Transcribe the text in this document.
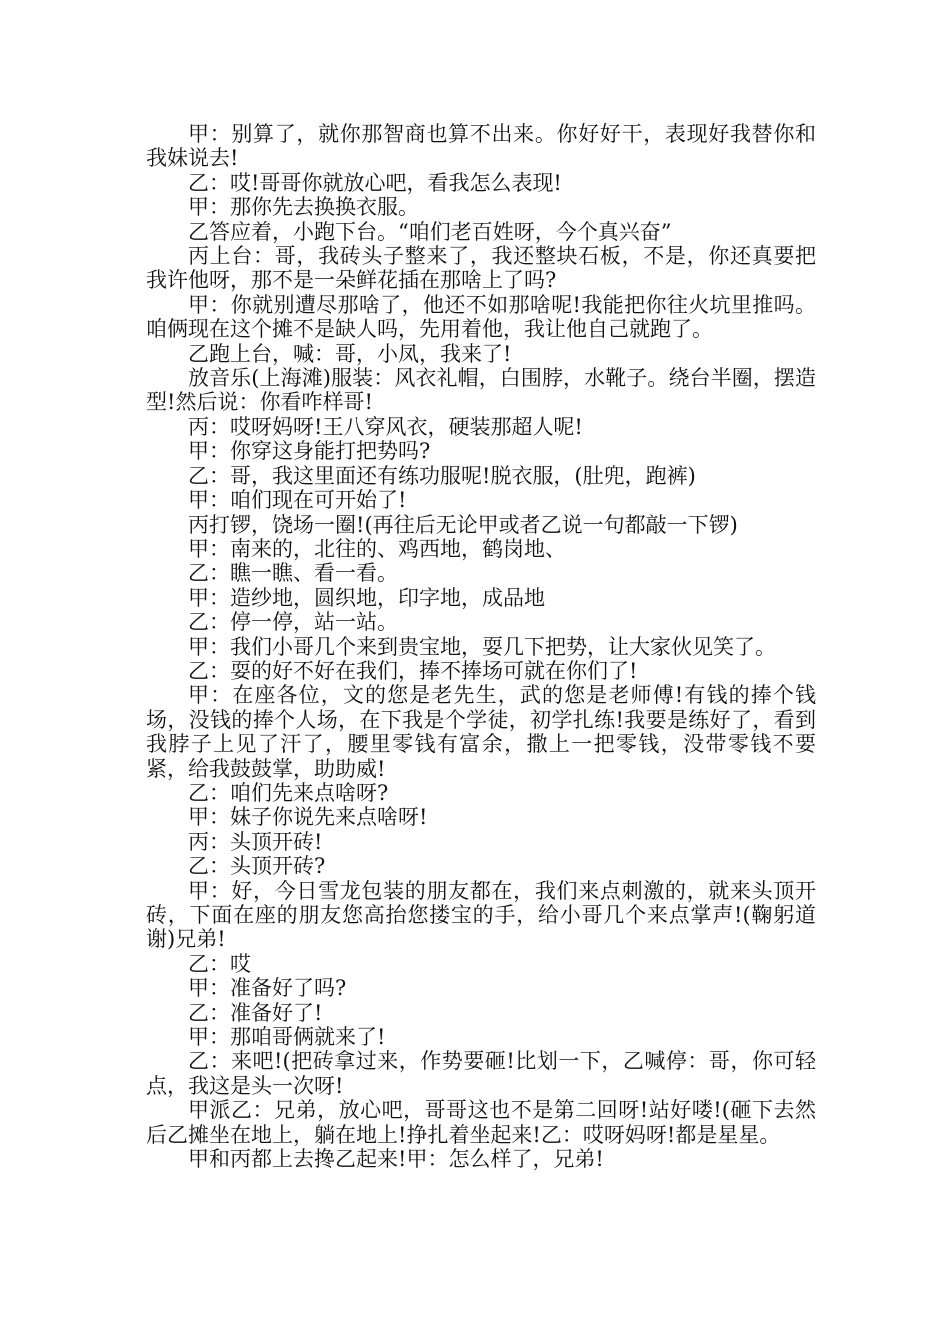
甲：别算了，就你那智商也算不出来。你好好干，表现好我替你和我妹说去!

乙：哎!哥哥你就放心吧，看我怎么表现!

甲：那你先去换换衣服。

乙答应着，小跑下台。“咱们老百姓呀，今个真兴奋”

丙上台：哥，我砖头子整来了，我还整块石板，不是，你还真要把我许他呀，那不是一朵鲜花插在那啥上了吗?

甲：你就别遭尽那啥了，他还不如那啥呢!我能把你往火坑里推吗。咱俩现在这个摊不是缺人吗，先用着他，我让他自己就跑了。

乙跑上台，喊：哥，小凤，我来了!

放音乐(上海滩)服装：风衣礼帽，白围脖，水靴子。绕台半圈，摆造型!然后说：你看咋样哥!

丙：哎呀妈呀!王八穿风衣，硬装那超人呢!

甲：你穿这身能打把势吗?

乙：哥，我这里面还有练功服呢!脱衣服，(肚兜，跑裤)

甲：咱们现在可开始了!

丙打锣，饶场一圈!(再往后无论甲或者乙说一句都敲一下锣)

甲：南来的，北往的、鸡西地，鹤岗地、

乙：瞧一瞧、看一看。

甲：造纱地，圆织地，印字地，成品地

乙：停一停，站一站。

甲：我们小哥几个来到贵宝地，耍几下把势，让大家伙见笑了。

乙：耍的好不好在我们，捧不捧场可就在你们了!

甲：在座各位，文的您是老先生，武的您是老师傅!有钱的捧个钱场，没钱的捧个人场，在下我是个学徒，初学扎练!我要是练好了，看到我脖子上见了汗了，腰里零钱有富余，撒上一把零钱，没带零钱不要紧，给我鼓鼓掌，助助威!

乙：咱们先来点啥呀?

甲：妹子你说先来点啥呀!

丙：头顶开砖!

乙：头顶开砖?

甲：好，今日雪龙包装的朋友都在，我们来点刺激的，就来头顶开砖，下面在座的朋友您高抬您搂宝的手，给小哥几个来点掌声!(鞠躬道谢)兄弟!

乙：哎

甲：准备好了吗?

乙：准备好了!

甲：那咱哥俩就来了!

乙：来吧!(把砖拿过来，作势要砸!比划一下，乙喊停：哥，你可轻点，我这是头一次呀!

甲派乙：兄弟，放心吧，哥哥这也不是第二回呀!站好喽!(砸下去然后乙摊坐在地上，躺在地上!挣扎着坐起来!乙：哎呀妈呀!都是星星。

甲和丙都上去搀乙起来!甲：怎么样了，兄弟!
